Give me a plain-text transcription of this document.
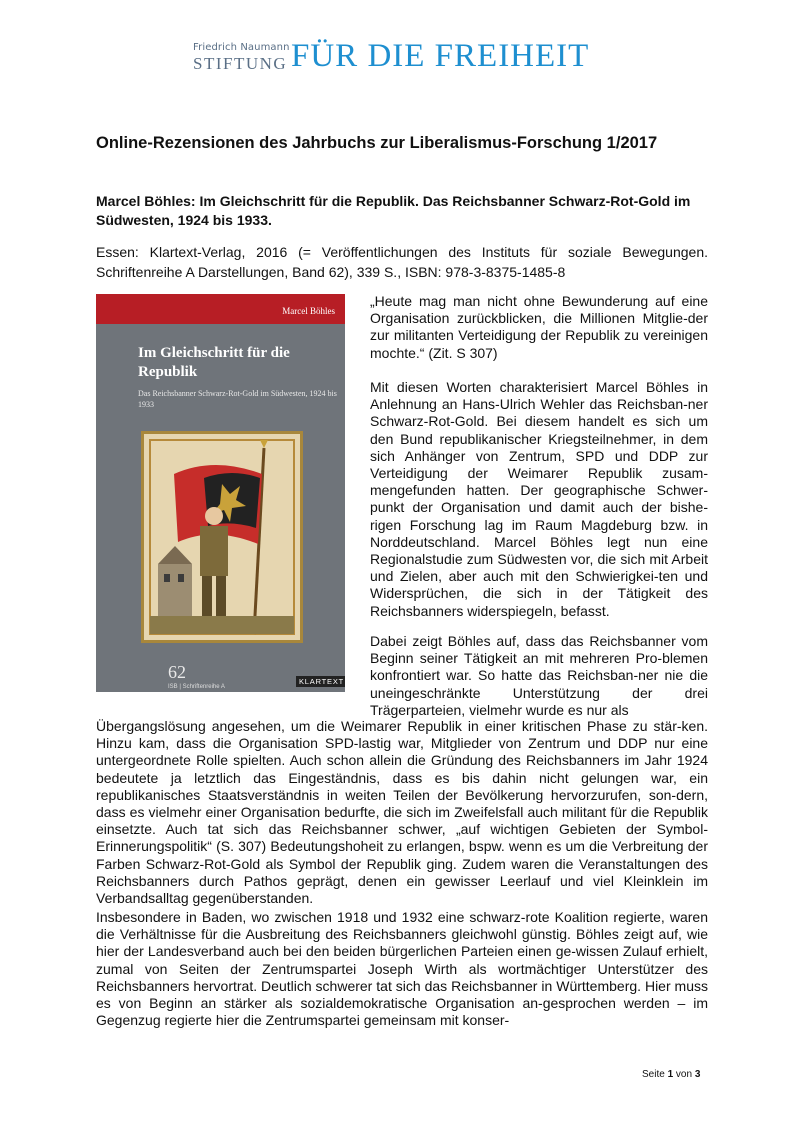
Friedrich Naumann
STIFTUNG FÜR DIE FREIHEIT
Online-Rezensionen des Jahrbuchs zur Liberalismus-Forschung 1/2017

Marcel Böhles: Im Gleichschritt für die Republik. Das Reichsbanner Schwarz-Rot-Gold im Südwesten, 1924 bis 1933.

Essen: Klartext-Verlag, 2016 (= Veröffentlichungen des Instituts für soziale Bewegungen. Schriftenreihe A Darstellungen, Band 62), 339 S., ISBN: 978-3-8375-1485-8

Marcel Böhles

Im Gleichschritt für die Republik

Das Reichsbanner Schwarz-Rot-Gold im Südwesten, 1924 bis 1933

62
ISB | Schriftenreihe A
KLARTEXT

„Heute mag man nicht ohne Bewunderung auf eine Organisation zurückblicken, die Millionen Mitglie-der zur militanten Verteidigung der Republik zu vereinigen mochte.“ (Zit. S 307)

Mit diesen Worten charakterisiert Marcel Böhles in Anlehnung an Hans-Ulrich Wehler das Reichsban-ner Schwarz-Rot-Gold. Bei diesem handelt es sich um den Bund republikanischer Kriegsteilnehmer, in dem sich Anhänger von Zentrum, SPD und DDP zur Verteidigung der Weimarer Republik zusam-mengefunden hatten. Der geographische Schwer-punkt der Organisation und damit auch der bishe-rigen Forschung lag im Raum Magdeburg bzw. in Norddeutschland. Marcel Böhles legt nun eine Regionalstudie zum Südwesten vor, die sich mit Arbeit und Zielen, aber auch mit den Schwierigkei-ten und Widersprüchen, die sich in der Tätigkeit des Reichsbanners widerspiegeln, befasst.

Dabei zeigt Böhles auf, dass das Reichsbanner vom Beginn seiner Tätigkeit an mit mehreren Pro-blemen konfrontiert war. So hatte das Reichsban-ner nie die uneingeschränkte Unterstützung der drei Trägerparteien, vielmehr wurde es nur als

Übergangslösung angesehen, um die Weimarer Republik in einer kritischen Phase zu stär-ken. Hinzu kam, dass die Organisation SPD-lastig war, Mitglieder von Zentrum und DDP nur eine untergeordnete Rolle spielten. Auch schon allein die Gründung des Reichsbanners im Jahr 1924 bedeutete ja letztlich das Eingeständnis, dass es bis dahin nicht gelungen war, ein republikanisches Staatsverständnis in weiten Teilen der Bevölkerung hervorzurufen, son-dern, dass es vielmehr einer Organisation bedurfte, die sich im Zweifelsfall auch militant für die Republik einsetzte. Auch tat sich das Reichsbanner schwer, „auf wichtigen Gebieten der Symbol-Erinnerungspolitik“ (S. 307) Bedeutungshoheit zu erlangen, bspw. wenn es um die Verbreitung der Farben Schwarz-Rot-Gold als Symbol der Republik ging. Zudem waren die Veranstaltungen des Reichsbanners durch Pathos geprägt, denen ein gewisser Leerlauf und viel Kleinklein im Verbandsalltag gegenüberstanden.

Insbesondere in Baden, wo zwischen 1918 und 1932 eine schwarz-rote Koalition regierte, waren die Verhältnisse für die Ausbreitung des Reichsbanners gleichwohl günstig. Böhles zeigt auf, wie hier der Landesverband auch bei den beiden bürgerlichen Parteien einen ge-wissen Zulauf erhielt, zumal von Seiten der Zentrumspartei Joseph Wirth als wortmächtiger Unterstützer des Reichsbanners hervortrat. Deutlich schwerer tat sich das Reichsbanner in Württemberg. Hier muss es von Beginn an stärker als sozialdemokratische Organisation an-gesprochen werden – im Gegenzug regierte hier die Zentrumspartei gemeinsam mit konser-

Seite 1 von 3
